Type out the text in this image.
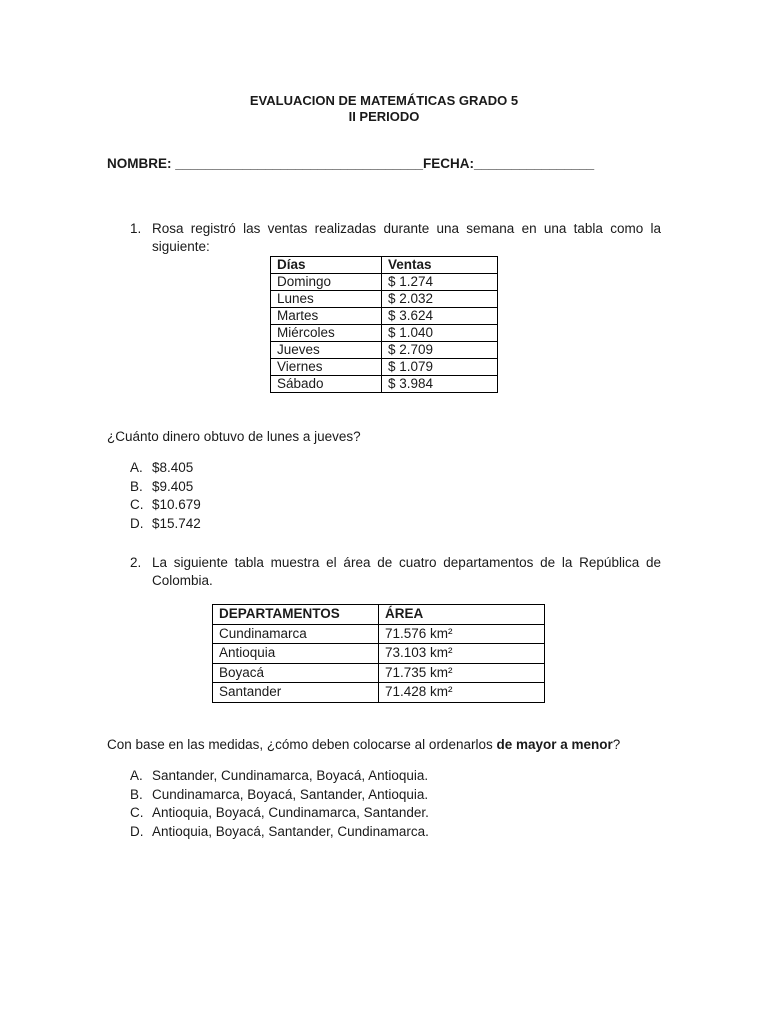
EVALUACION DE MATEMÁTICAS GRADO 5
II PERIODO
NOMBRE: _________________________________FECHA:________________
1. Rosa registró las ventas realizadas durante una semana en una tabla como la siguiente:
Días	Ventas
Domingo	$ 1.274
Lunes	$ 2.032
Martes	$ 3.624
Miércoles	$ 1.040
Jueves	$ 2.709
Viernes	$ 1.079
Sábado	$ 3.984
¿Cuánto dinero obtuvo de lunes a jueves?
A. $8.405
B. $9.405
C. $10.679
D. $15.742
2. La siguiente tabla muestra el área de cuatro departamentos de la República de Colombia.
DEPARTAMENTOS	ÁREA
Cundinamarca	71.576 km²
Antioquia	73.103 km²
Boyacá	71.735 km²
Santander	71.428 km²
Con base en las medidas, ¿cómo deben colocarse al ordenarlos de mayor a menor?
A. Santander, Cundinamarca, Boyacá, Antioquia.
B. Cundinamarca, Boyacá, Santander, Antioquia.
C. Antioquia, Boyacá, Cundinamarca, Santander.
D. Antioquia, Boyacá, Santander, Cundinamarca.
